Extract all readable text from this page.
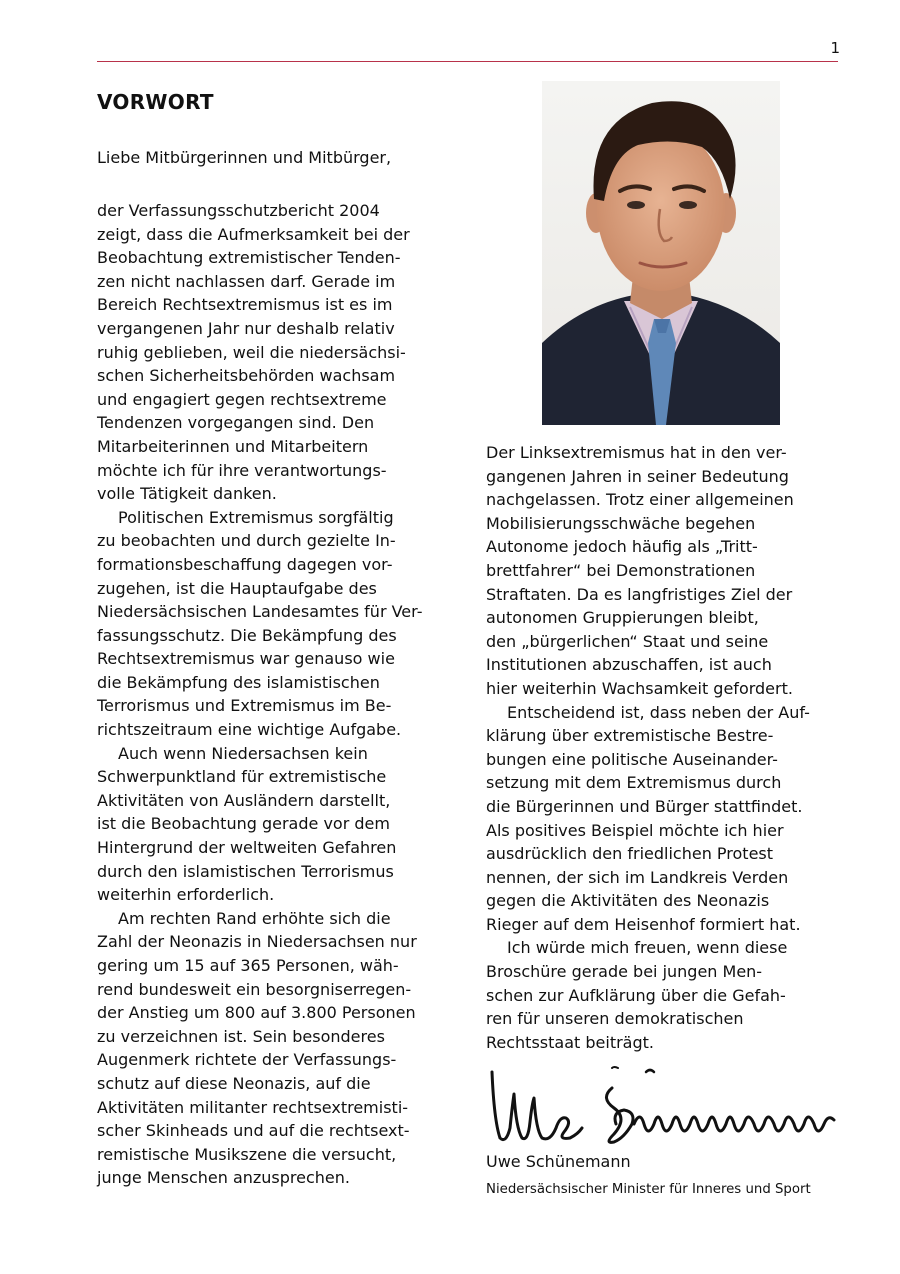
1
VORWORT

Liebe Mitbürgerinnen und Mitbürger,

der Verfassungsschutzbericht 2004
zeigt, dass die Aufmerksamkeit bei der
Beobachtung extremistischer Tenden-
zen nicht nachlassen darf. Gerade im
Bereich Rechtsextremismus ist es im
vergangenen Jahr nur deshalb relativ
ruhig geblieben, weil die niedersächsi-
schen Sicherheitsbehörden wachsam
und engagiert gegen rechtsextreme
Tendenzen vorgegangen sind. Den
Mitarbeiterinnen und Mitarbeitern
möchte ich für ihre verantwortungs-
volle Tätigkeit danken.
Politischen Extremismus sorgfältig
zu beobachten und durch gezielte In-
formationsbeschaffung dagegen vor-
zugehen, ist die Hauptaufgabe des
Niedersächsischen Landesamtes für Ver-
fassungsschutz. Die Bekämpfung des
Rechtsextremismus war genauso wie
die Bekämpfung des islamistischen
Terrorismus und Extremismus im Be-
richtszeitraum eine wichtige Aufgabe.
Auch wenn Niedersachsen kein
Schwerpunktland für extremistische
Aktivitäten von Ausländern darstellt,
ist die Beobachtung gerade vor dem
Hintergrund der weltweiten Gefahren
durch den islamistischen Terrorismus
weiterhin erforderlich.
Am rechten Rand erhöhte sich die
Zahl der Neonazis in Niedersachsen nur
gering um 15 auf 365 Personen, wäh-
rend bundesweit ein besorgniserregen-
der Anstieg um 800 auf 3.800 Personen
zu verzeichnen ist. Sein besonderes
Augenmerk richtete der Verfassungs-
schutz auf diese Neonazis, auf die
Aktivitäten militanter rechtsextremisti-
scher Skinheads und auf die rechtsext-
remistische Musikszene die versucht,
junge Menschen anzusprechen.
Der Linksextremismus hat in den ver-
gangenen Jahren in seiner Bedeutung
nachgelassen. Trotz einer allgemeinen
Mobilisierungsschwäche begehen
Autonome jedoch häufig als „Tritt-
brettfahrer“ bei Demonstrationen
Straftaten. Da es langfristiges Ziel der
autonomen Gruppierungen bleibt,
den „bürgerlichen“ Staat und seine
Institutionen abzuschaffen, ist auch
hier weiterhin Wachsamkeit gefordert.
Entscheidend ist, dass neben der Auf-
klärung über extremistische Bestre-
bungen eine politische Auseinander-
setzung mit dem Extremismus durch
die Bürgerinnen und Bürger stattfindet.
Als positives Beispiel möchte ich hier
ausdrücklich den friedlichen Protest
nennen, der sich im Landkreis Verden
gegen die Aktivitäten des Neonazis
Rieger auf dem Heisenhof formiert hat.
Ich würde mich freuen, wenn diese
Broschüre gerade bei jungen Men-
schen zur Aufklärung über die Gefah-
ren für unseren demokratischen
Rechtsstaat beiträgt.

Uwe Schünemann

Niedersächsischer Minister für Inneres und Sport
